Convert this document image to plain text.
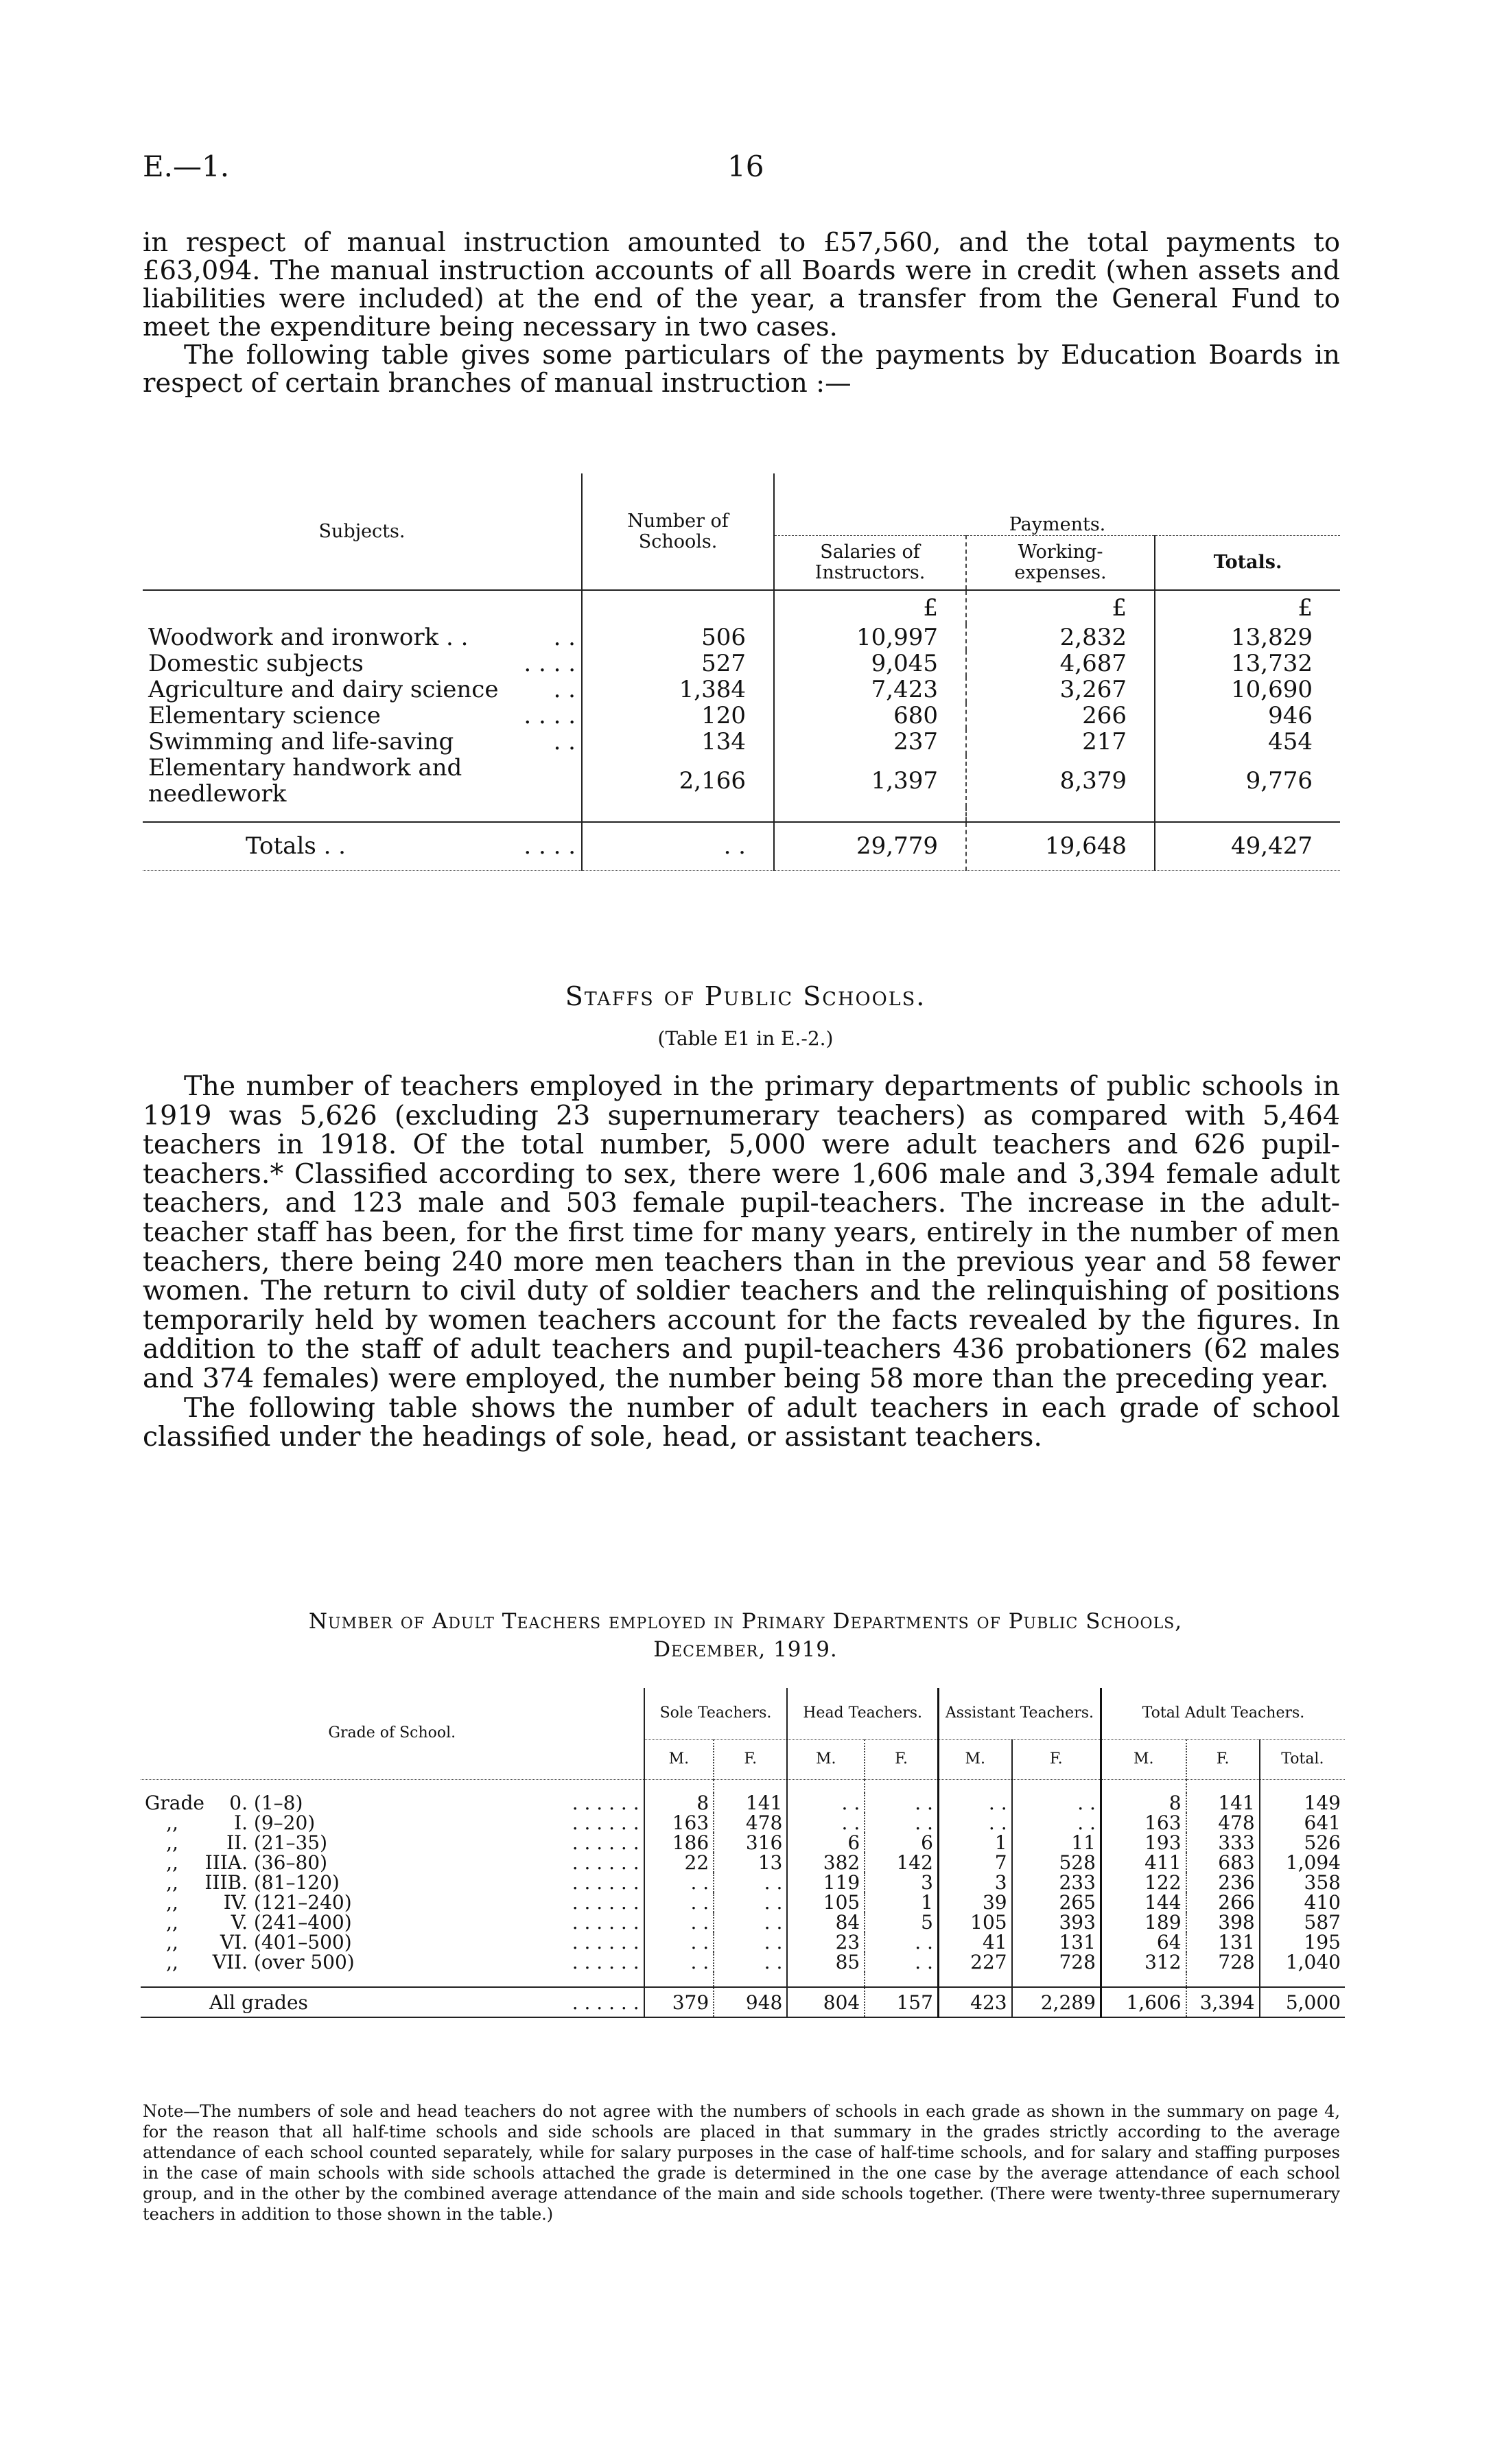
E.—1.	16

in respect of manual instruction amounted to £57,560, and the total payments to £63,094. The manual instruction accounts of all Boards were in credit (when assets and liabilities were included) at the end of the year, a transfer from the General Fund to meet the expenditure being necessary in two cases.

The following table gives some particulars of the payments by Education Boards in respect of certain branches of manual instruction :—

Subjects.	Number of Schools.	Payments.		
		Salaries of Instructors.	Working-expenses.	Totals.
		£	£	£
Woodwork and ironwork . . . .	506	10,997	2,832	13,829
Domestic subjects . . . .	527	9,045	4,687	13,732
Agriculture and dairy science . .	1,384	7,423	3,267	10,690
Elementary science . . . .	120	680	266	946
Swimming and life-saving . .	134	237	217	454
Elementary handwork and needlework	2,166	1,397	8,379	9,776

Totals . . . . . .	. .	29,779	19,648	49,427
Staffs of Public Schools.
(Table E1 in E.-2.)

The number of teachers employed in the primary departments of public schools in 1919 was 5,626 (excluding 23 supernumerary teachers) as compared with 5,464 teachers in 1918. Of the total number, 5,000 were adult teachers and 626 pupil-teachers.* Classified according to sex, there were 1,606 male and 3,394 female adult teachers, and 123 male and 503 female pupil-teachers. The increase in the adult-teacher staff has been, for the first time for many years, entirely in the number of men teachers, there being 240 more men teachers than in the previous year and 58 fewer women. The return to civil duty of soldier teachers and the relinquishing of positions temporarily held by women teachers account for the facts revealed by the figures. In addition to the staff of adult teachers and pupil-teachers 436 probationers (62 males and 374 females) were employed, the number being 58 more than the preceding year.

The following table shows the number of adult teachers in each grade of school classified under the headings of sole, head, or assistant teachers.

Number of Adult Teachers employed in Primary Departments of Public Schools,
December, 1919.
Grade of School.	Sole Teachers.		Head Teachers.		Assistant Teachers.		Total Adult Teachers.		
	M.	F.	M.	F.	M.	F.	M.	F.	Total.

Grade 0. (1–8) . . . . . .	8	141	. .	. .	. .	. .	8	141	149
,, I. (9–20) . . . . . .	163	478	. .	. .	. .	. .	163	478	641
,, II. (21–35) . . . . . .	186	316	6	6	1	11	193	333	526
,, IIIA. (36–80) . . . . . .	22	13	382	142	7	528	411	683	1,094
,, IIIB. (81–120) . . . . . .	. .	. .	119	3	3	233	122	236	358
,, IV. (121–240) . . . . . .	. .	. .	105	1	39	265	144	266	410
,, V. (241–400) . . . . . .	. .	. .	84	5	105	393	189	398	587
,, VI. (401–500) . . . . . .	. .	. .	23	. .	41	131	64	131	195
,, VII. (over 500) . . . . . .	. .	. .	85	. .	227	728	312	728	1,040

All grades . . . . . .	379	948	804	157	423	2,289	1,606	3,394	5,000
Note—The numbers of sole and head teachers do not agree with the numbers of schools in each grade as shown in the summary on page 4, for the reason that all half-time schools and side schools are placed in that summary in the grades strictly according to the average attendance of each school counted separately, while for salary purposes in the case of half-time schools, and for salary and staffing purposes in the case of main schools with side schools attached the grade is determined in the one case by the average attendance of each school group, and in the other by the combined average attendance of the main and side schools together. (There were twenty-three supernumerary teachers in addition to those shown in the table.)
